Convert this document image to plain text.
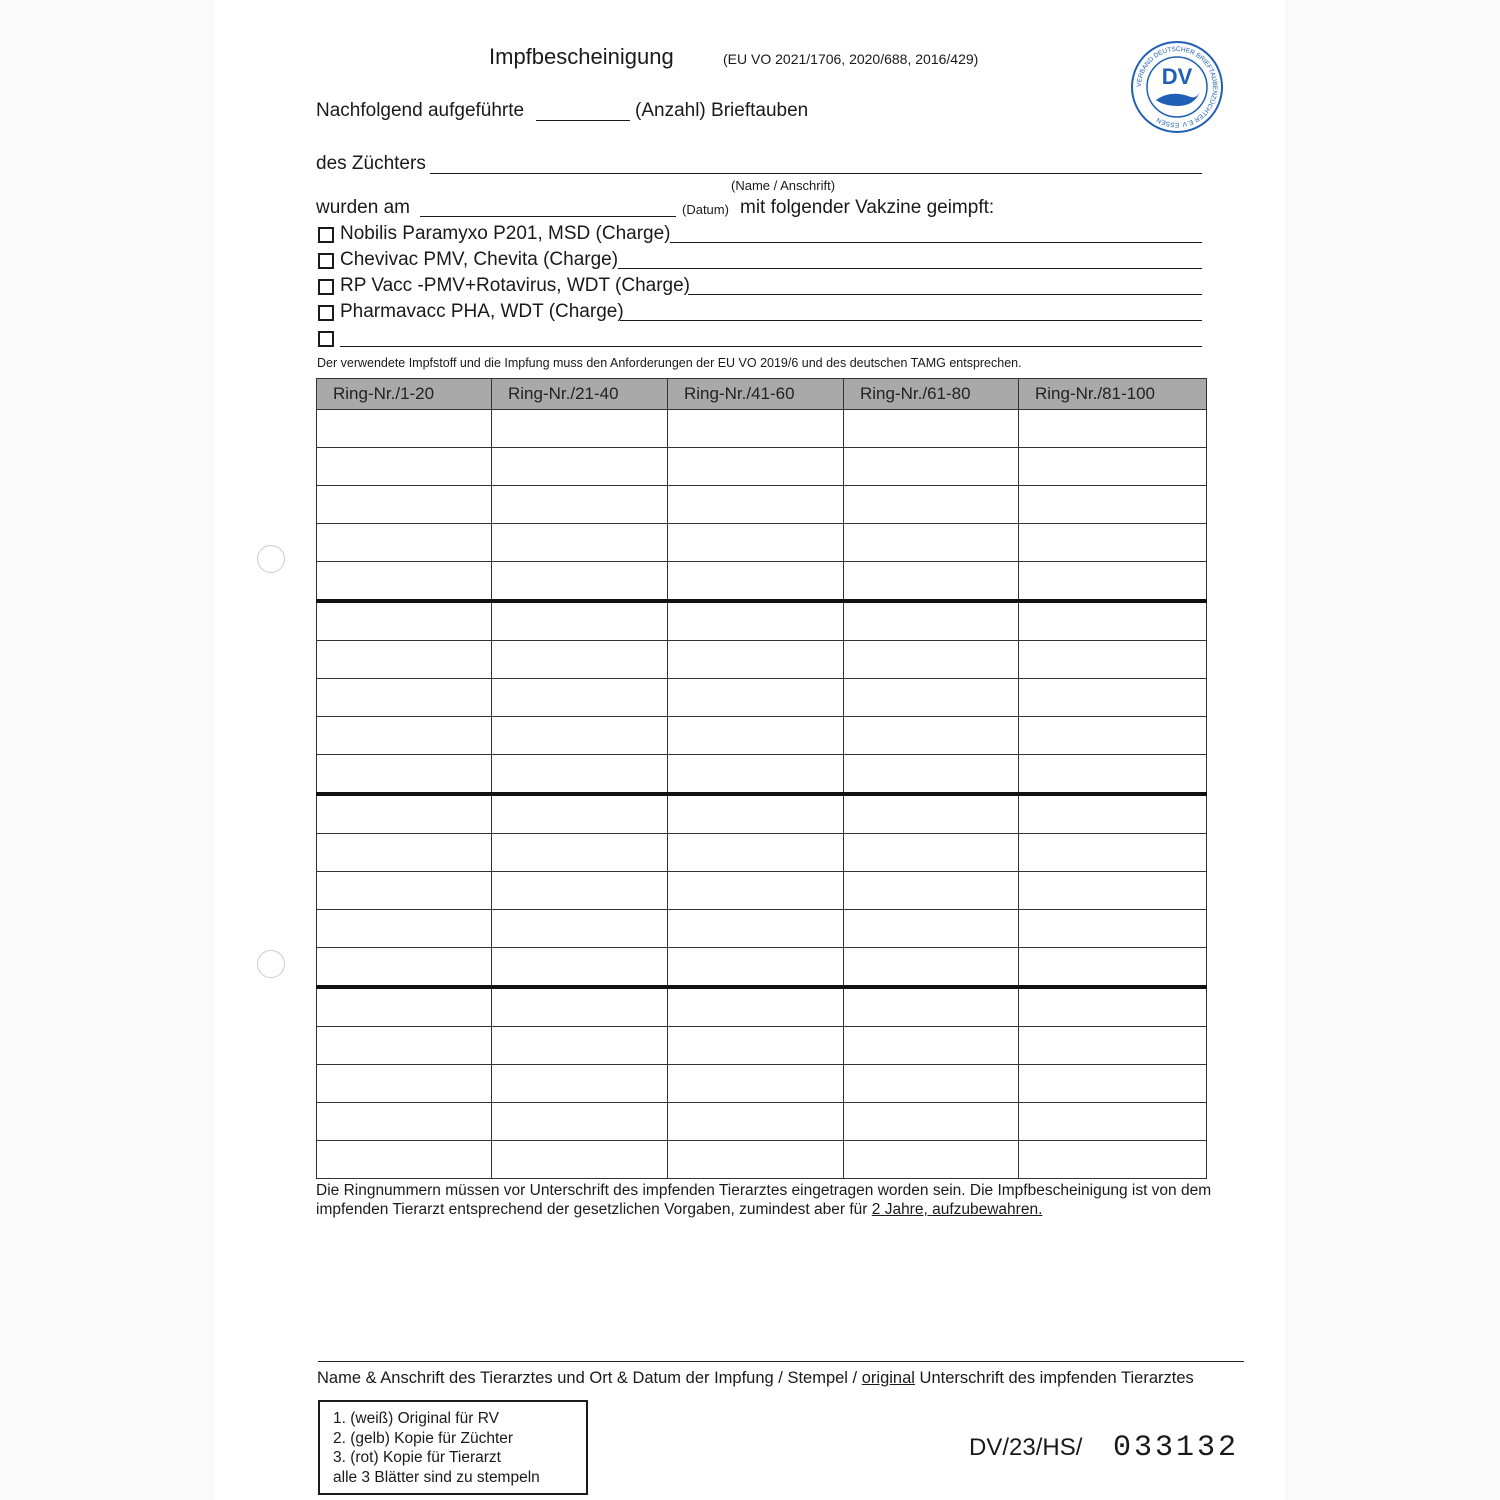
Impfbescheinigung	(EU VO 2021/1706, 2020/688, 2016/429)
VERBAND DEUTSCHER BRIEFTAUBENZÜCHTER E.V. ESSEN
DV
Nachfolgend aufgeführte	(Anzahl) Brieftauben
des Züchters
(Name / Anschrift)
wurden am	(Datum) mit folgender Vakzine geimpft:
Nobilis Paramyxo P201, MSD (Charge)
Chevivac PMV, Chevita (Charge)
RP Vacc -PMV+Rotavirus, WDT (Charge)
Pharmavacc PHA, WDT (Charge)
Der verwendete Impfstoff und die Impfung muss den Anforderungen der EU VO 2019/6 und des deutschen TAMG entsprechen.
Ring-Nr./1-20	Ring-Nr./21-40	Ring-Nr./41-60	Ring-Nr./61-80	Ring-Nr./81-100

Die Ringnummern müssen vor Unterschrift des impfenden Tierarztes eingetragen worden sein. Die Impfbescheinigung ist von dem impfenden Tierarzt entsprechend der gesetzlichen Vorgaben, zumindest aber für 2 Jahre, aufzubewahren.
Name & Anschrift des Tierarztes und Ort & Datum der Impfung / Stempel / original Unterschrift des impfenden Tierarztes
1. (weiß) Original für RV
2. (gelb) Kopie für Züchter
3. (rot) Kopie für Tierarzt
alle 3 Blätter sind zu stempeln
DV/23/HS/ 033132
